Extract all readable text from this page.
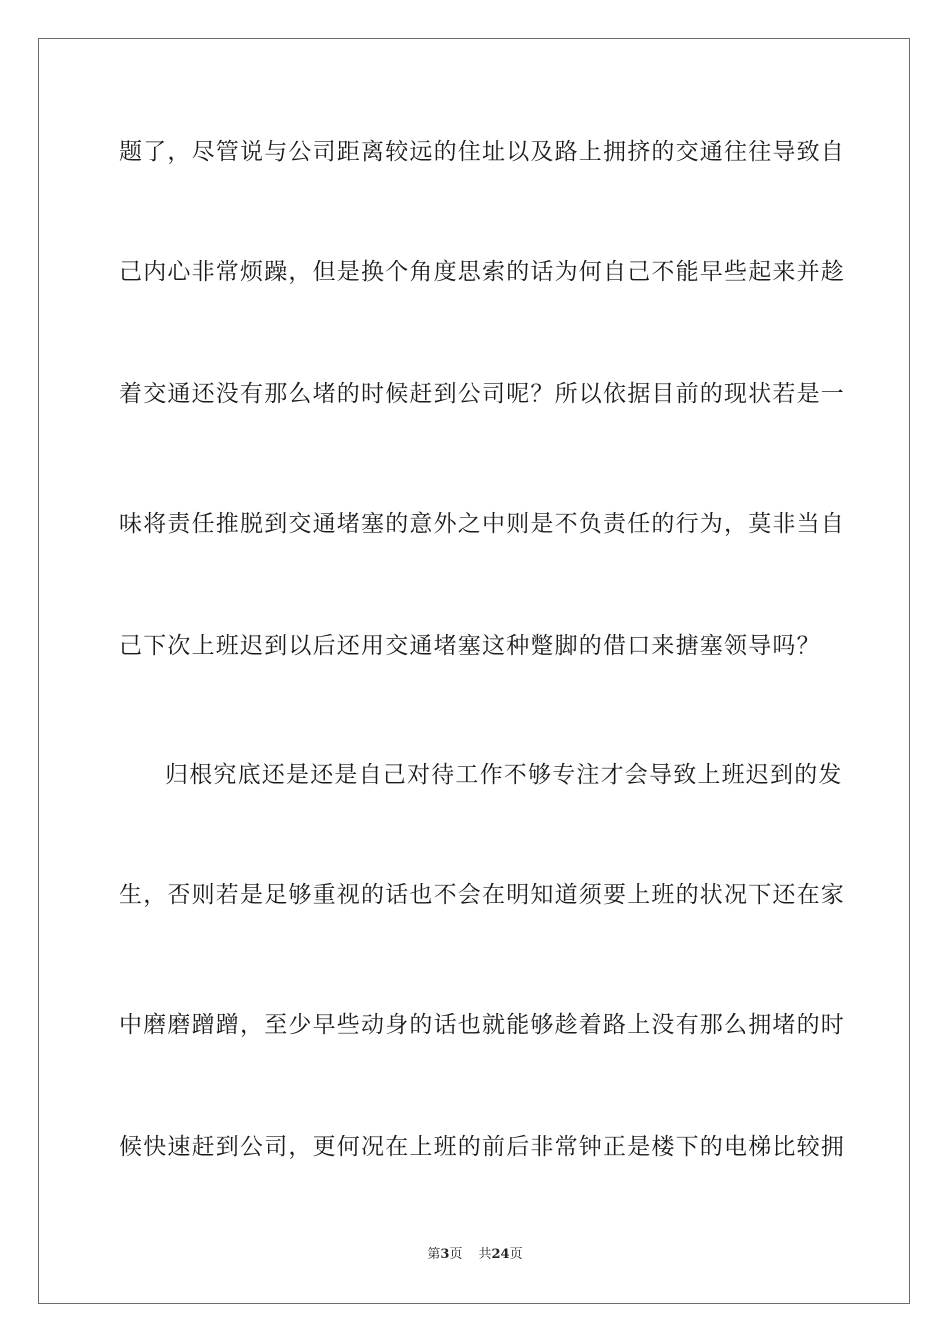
题了，尽管说与公司距离较远的住址以及路上拥挤的交通往往导致自
己内心非常烦躁，但是换个角度思索的话为何自己不能早些起来并趁
着交通还没有那么堵的时候赶到公司呢？所以依据目前的现状若是一
味将责任推脱到交通堵塞的意外之中则是不负责任的行为，莫非当自
己下次上班迟到以后还用交通堵塞这种蹩脚的借口来搪塞领导吗？
归根究底还是还是自己对待工作不够专注才会导致上班迟到的发
生，否则若是足够重视的话也不会在明知道须要上班的状况下还在家
中磨磨蹭蹭，至少早些动身的话也就能够趁着路上没有那么拥堵的时
候快速赶到公司，更何况在上班的前后非常钟正是楼下的电梯比较拥
第3页 共24页
